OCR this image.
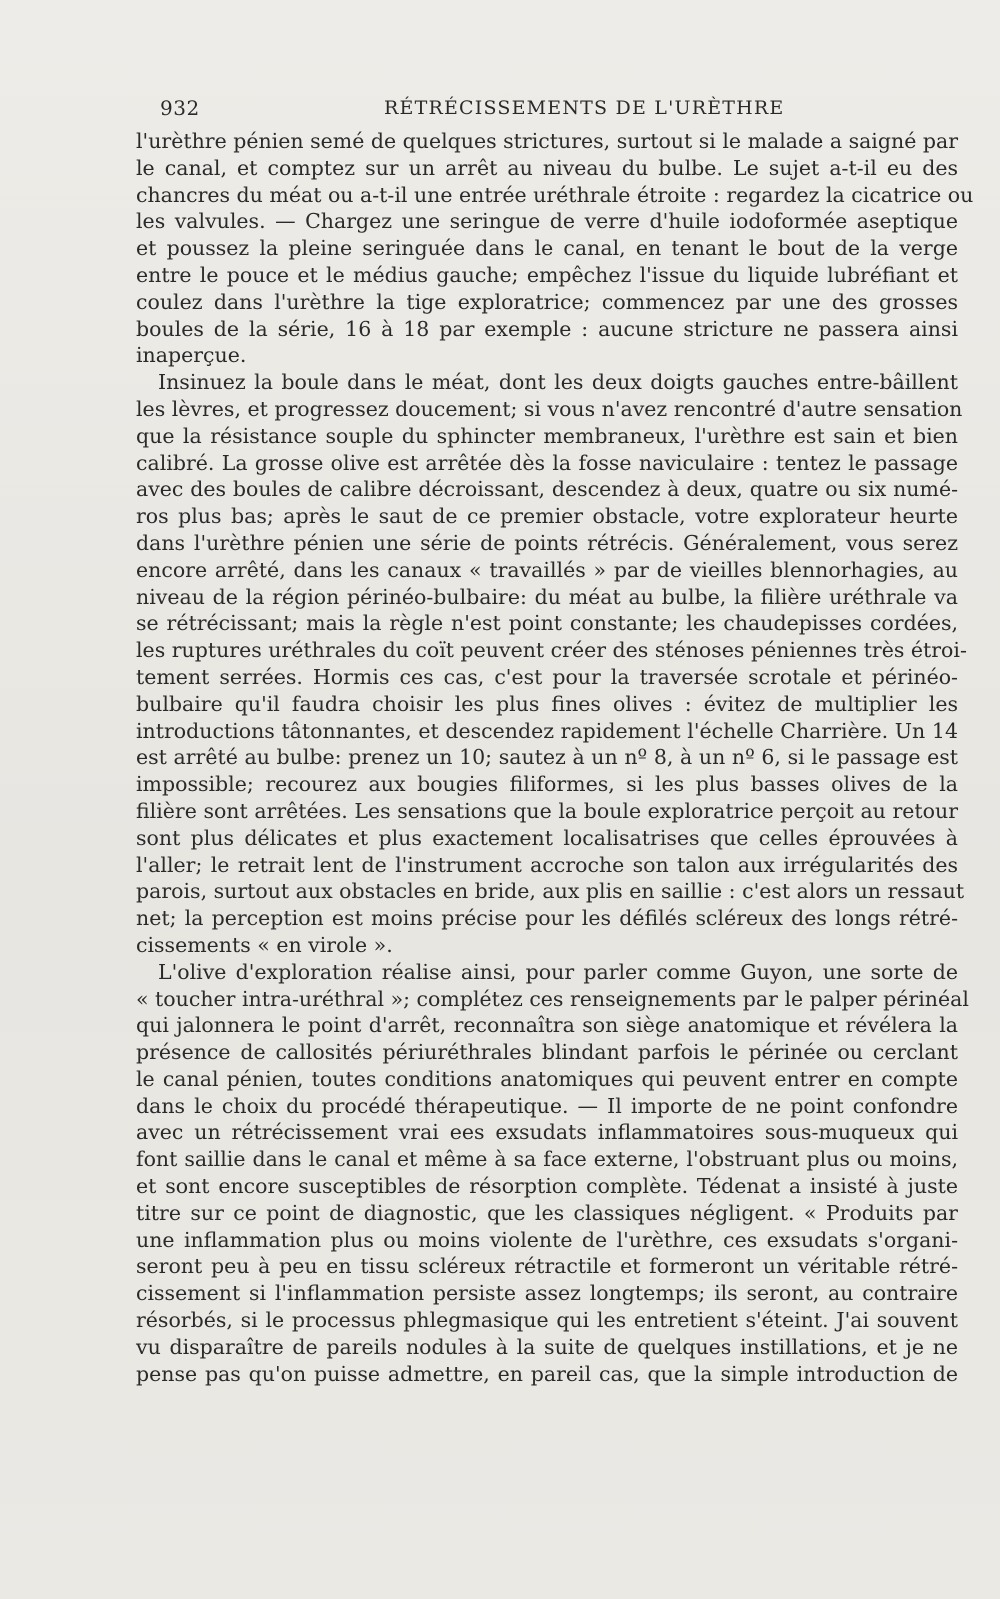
932	RÉTRÉCISSEMENTS DE L'URÈTHRE
l'urèthre pénien semé de quelques strictures, surtout si le malade a saigné par
le canal, et comptez sur un arrêt au niveau du bulbe. Le sujet a-t-il eu des
chancres du méat ou a-t-il une entrée uréthrale étroite : regardez la cicatrice ou
les valvules. — Chargez une seringue de verre d'huile iodoformée aseptique
et poussez la pleine seringuée dans le canal, en tenant le bout de la verge
entre le pouce et le médius gauche; empêchez l'issue du liquide lubréfiant et
coulez dans l'urèthre la tige exploratrice; commencez par une des grosses
boules de la série, 16 à 18 par exemple : aucune stricture ne passera ainsi
inaperçue.
Insinuez la boule dans le méat, dont les deux doigts gauches entre-bâillent
les lèvres, et progressez doucement; si vous n'avez rencontré d'autre sensation
que la résistance souple du sphincter membraneux, l'urèthre est sain et bien
calibré. La grosse olive est arrêtée dès la fosse naviculaire : tentez le passage
avec des boules de calibre décroissant, descendez à deux, quatre ou six numé-
ros plus bas; après le saut de ce premier obstacle, votre explorateur heurte
dans l'urèthre pénien une série de points rétrécis. Généralement, vous serez
encore arrêté, dans les canaux « travaillés » par de vieilles blennorhagies, au
niveau de la région périnéo-bulbaire: du méat au bulbe, la filière uréthrale va
se rétrécissant; mais la règle n'est point constante; les chaudepisses cordées,
les ruptures uréthrales du coït peuvent créer des sténoses péniennes très étroi-
tement serrées. Hormis ces cas, c'est pour la traversée scrotale et périnéo-
bulbaire qu'il faudra choisir les plus fines olives : évitez de multiplier les
introductions tâtonnantes, et descendez rapidement l'échelle Charrière. Un 14
est arrêté au bulbe: prenez un 10; sautez à un nº 8, à un nº 6, si le passage est
impossible; recourez aux bougies filiformes, si les plus basses olives de la
filière sont arrêtées. Les sensations que la boule exploratrice perçoit au retour
sont plus délicates et plus exactement localisatrises que celles éprouvées à
l'aller; le retrait lent de l'instrument accroche son talon aux irrégularités des
parois, surtout aux obstacles en bride, aux plis en saillie : c'est alors un ressaut
net; la perception est moins précise pour les défilés scléreux des longs rétré-
cissements « en virole ».
L'olive d'exploration réalise ainsi, pour parler comme Guyon, une sorte de
« toucher intra-uréthral »; complétez ces renseignements par le palper périnéal
qui jalonnera le point d'arrêt, reconnaîtra son siège anatomique et révélera la
présence de callosités périuréthrales blindant parfois le périnée ou cerclant
le canal pénien, toutes conditions anatomiques qui peuvent entrer en compte
dans le choix du procédé thérapeutique. — Il importe de ne point confondre
avec un rétrécissement vrai ees exsudats inflammatoires sous-muqueux qui
font saillie dans le canal et même à sa face externe, l'obstruant plus ou moins,
et sont encore susceptibles de résorption complète. Tédenat a insisté à juste
titre sur ce point de diagnostic, que les classiques négligent. « Produits par
une inflammation plus ou moins violente de l'urèthre, ces exsudats s'organi-
seront peu à peu en tissu scléreux rétractile et formeront un véritable rétré-
cissement si l'inflammation persiste assez longtemps; ils seront, au contraire
résorbés, si le processus phlegmasique qui les entretient s'éteint. J'ai souvent
vu disparaître de pareils nodules à la suite de quelques instillations, et je ne
pense pas qu'on puisse admettre, en pareil cas, que la simple introduction de
